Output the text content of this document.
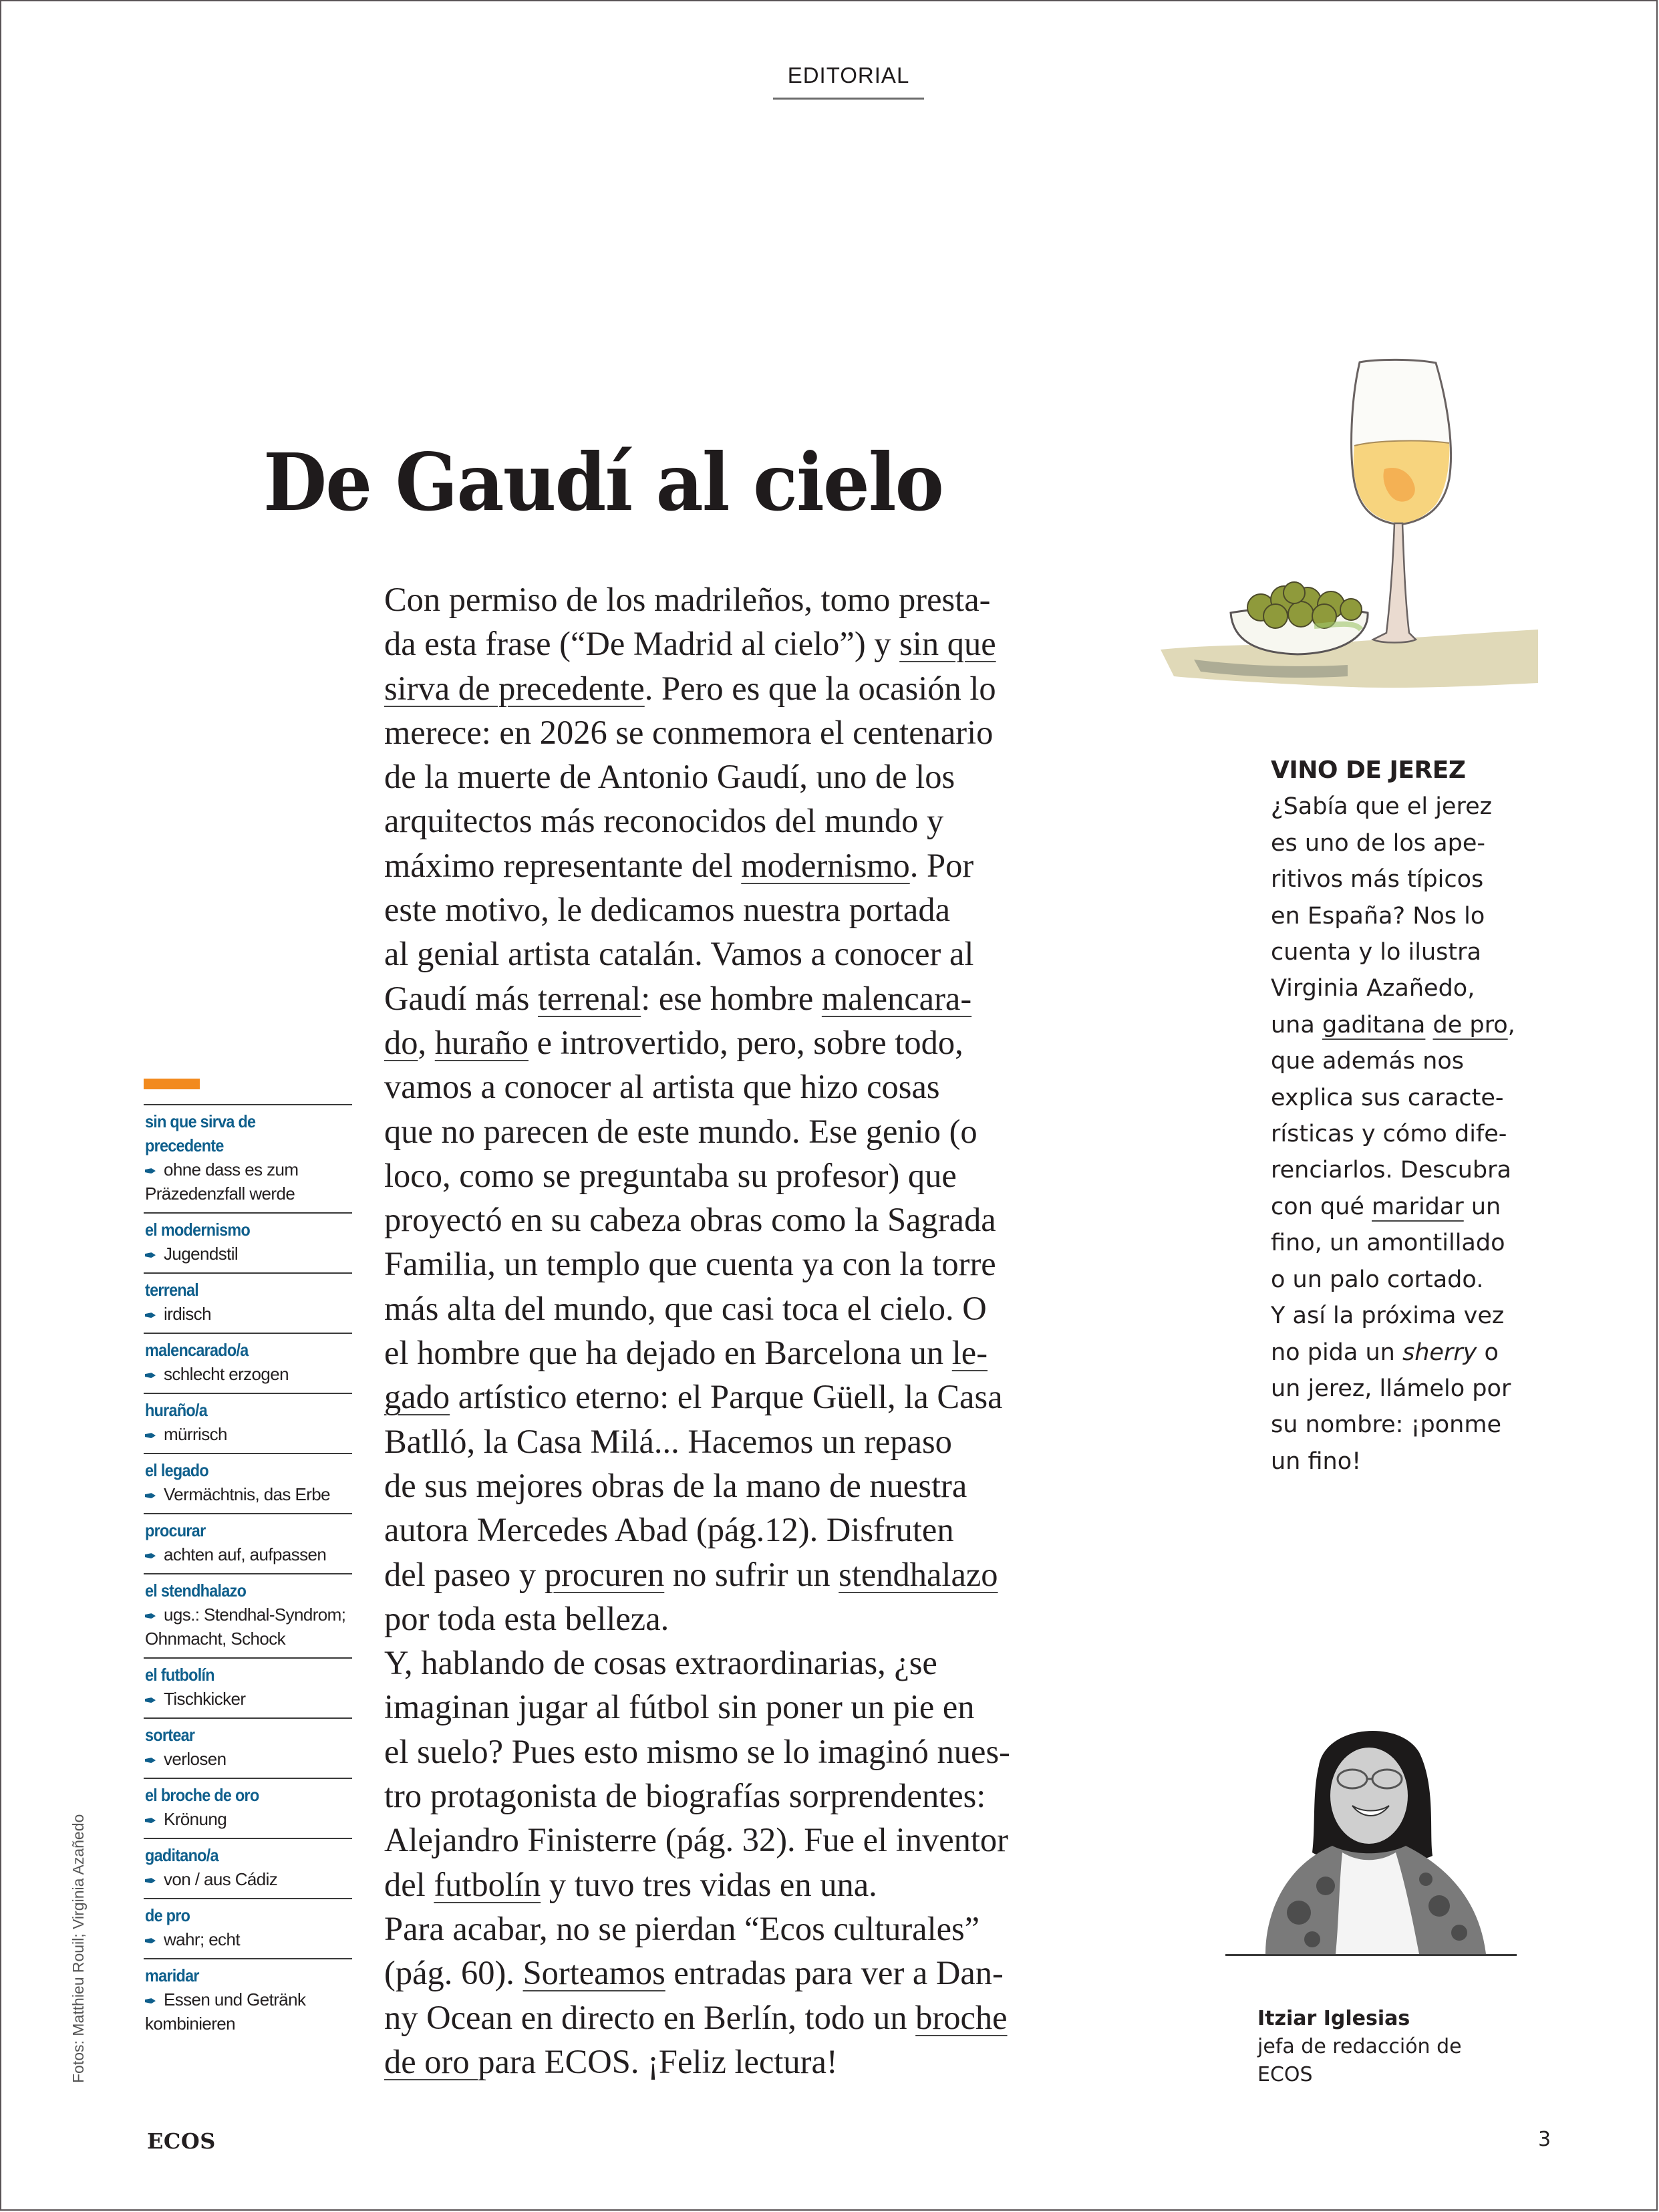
EDITORIAL
De Gaudí al cielo
Con permiso de los madrileños, tomo presta-
da esta frase (“De Madrid al cielo”) y sin que
sirva de precedente. Pero es que la ocasión lo
merece: en 2026 se conmemora el centenario
de la muerte de Antonio Gaudí, uno de los
arquitectos más reconocidos del mundo y
máximo representante del modernismo. Por
este motivo, le dedicamos nuestra portada
al genial artista catalán. Vamos a conocer al
Gaudí más terrenal: ese hombre malencara-
do, huraño e introvertido, pero, sobre todo,
vamos a conocer al artista que hizo cosas
que no parecen de este mundo. Ese genio (o
loco, como se preguntaba su profesor) que
proyectó en su cabeza obras como la Sagrada
Familia, un templo que cuenta ya con la torre
más alta del mundo, que casi toca el cielo. O
el hombre que ha dejado en Barcelona un le-
gado artístico eterno: el Parque Güell, la Casa
Batlló, la Casa Milá... Hacemos un repaso
de sus mejores obras de la mano de nuestra
autora Mercedes Abad (pág.12). Disfruten
del paseo y procuren no sufrir un stendhalazo
por toda esta belleza.
Y, hablando de cosas extraordinarias, ¿se
imaginan jugar al fútbol sin poner un pie en
el suelo? Pues esto mismo se lo imaginó nues-
tro protagonista de biografías sorprendentes:
Alejandro Finisterre (pág. 32). Fue el inventor
del futbolín y tuvo tres vidas en una.
Para acabar, no se pierdan “Ecos culturales”
(pág. 60). Sorteamos entradas para ver a Dan-
ny Ocean en directo en Berlín, todo un broche
de oro para ECOS. ¡Feliz lectura!
sin que sirva de
precedente
ohne dass es zum
Präzedenzfall werde
el modernismo
Jugendstil
terrenal
irdisch
malencarado/a
schlecht erzogen
huraño/a
mürrisch
el legado
Vermächtnis, das Erbe
procurar
achten auf, aufpassen
el stendhalazo
ugs.: Stendhal-Syndrom;
Ohnmacht, Schock
el futbolín
Tischkicker
sortear
verlosen
el broche de oro
Krönung
gaditano/a
von / aus Cádiz
de pro
wahr; echt
maridar
Essen und Getränk
kombinieren
Fotos: Matthieu Rouil; Virginia Azañedo
VINO DE JEREZ
¿Sabía que el jerez
es uno de los ape-
ritivos más típicos
en España? Nos lo
cuenta y lo ilustra
Virginia Azañedo,
una gaditana de pro,
que además nos
explica sus caracte-
rísticas y cómo dife-
renciarlos. Descubra
con qué maridar un
fino, un amontillado
o un palo cortado.
Y así la próxima vez
no pida un sherry o
un jerez, llámelo por
su nombre: ¡ponme
un fino!
Itziar Iglesias
jefa de redacción de
ECOS
ECOS	3
